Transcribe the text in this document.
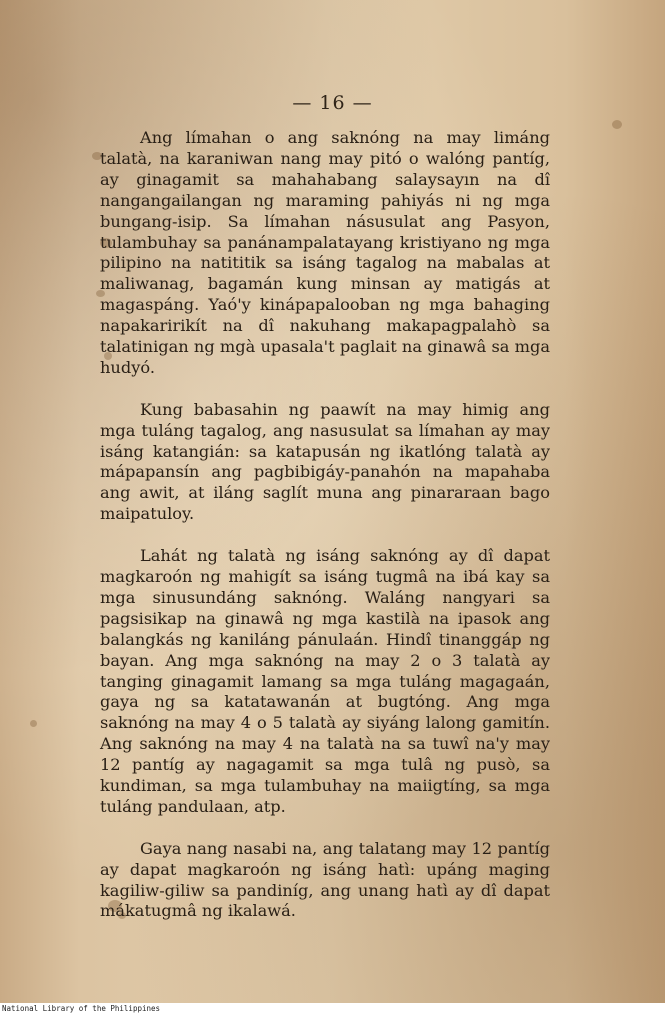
— 16 —

Ang límahan o ang saknóng na may limáng talatà, na karaniwan nang may pitó o walóng pantíg, ay ginagamit sa mahahabang salaysayın na dî nangangailangan ng maraming pahiyás ni ng mga bungang-isip. Sa límahan násusulat ang Pasyon, tulambuhay sa panánampalatayang kristiyano ng mga pilipino na natititik sa isáng tagalog na mabalas at maliwanag, bagamán kung minsan ay matigás at magaspáng. Yaó'y kinápapalooban ng mga bahaging napakaririkít na dî nakuhang makapagpalahò sa talatinigan ng mgà upasala't paglait na ginawâ sa mga hudyó.

Kung babasahin ng paawít na may himig ang mga tuláng tagalog, ang nasusulat sa límahan ay may isáng katangián: sa katapusán ng ikatlóng talatà ay mápapansín ang pagbibigáy-panahón na mapahaba ang awit, at iláng saglít muna ang pinararaan bago maipatuloy.

Lahát ng talatà ng isáng saknóng ay dî dapat magkaroón ng mahigít sa isáng tugmâ na ibá kay sa mga sinusundáng saknóng. Waláng nangyari sa pagsisikap na ginawâ ng mga kastilà na ipasok ang balangkás ng kaniláng pánulaán. Hindî tinanggáp ng bayan. Ang mga saknóng na may 2 o 3 talatà ay tanging ginagamit lamang sa mga tuláng magagaán, gaya ng sa katatawanán at bugtóng. Ang mga saknóng na may 4 o 5 talatà ay siyáng lalong gamitín. Ang saknóng na may 4 na talatà na sa tuwî na'y may 12 pantíg ay nagagamit sa mga tulâ ng pusò, sa kundiman, sa mga tulambuhay na maiigtíng, sa mga tuláng pandulaan, atp.

Gaya nang nasabi na, ang talatang may 12 pantíg ay dapat magkaroón ng isáng hatì: upáng maging kagiliw-giliw sa pandiníg, ang unang hatì ay dî dapat mákatugmâ ng ikalawá.

National Library of the Philippines
